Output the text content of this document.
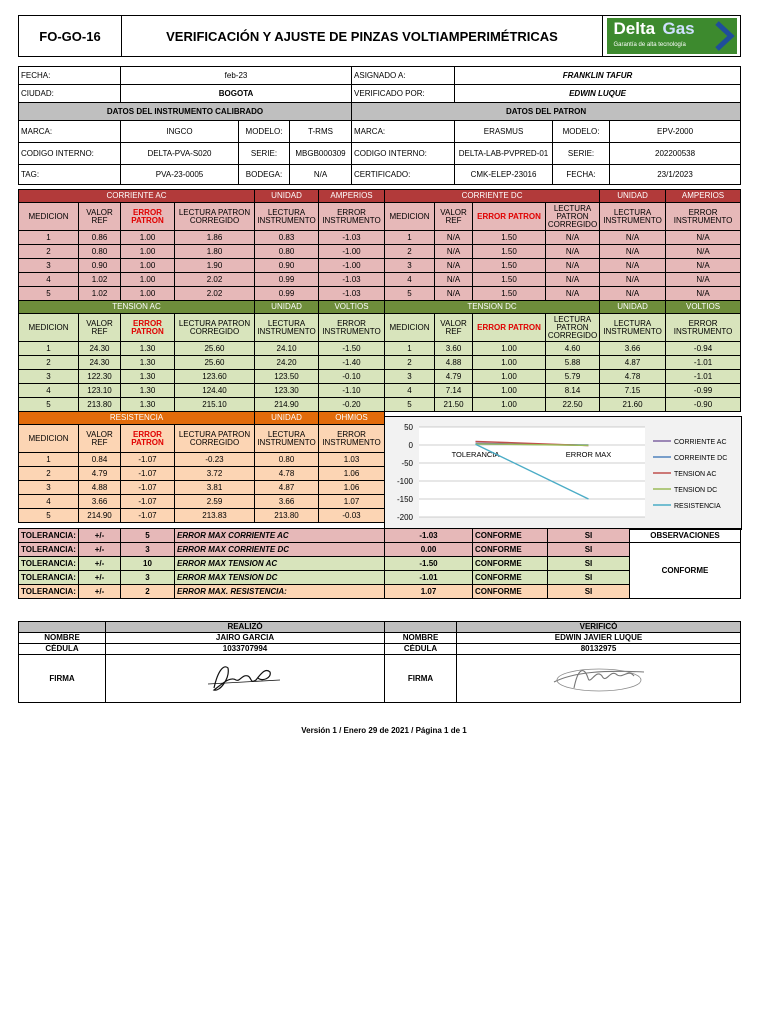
FO-GO-16	VERIFICACIÓN Y AJUSTE DE PINZAS VOLTIAMPERIMÉTRICAS	Delta Gas
Garantía de alta tecnología
FECHA:	feb-23			ASIGNADO A:	FRANKLIN TAFUR		
CIUDAD:	BOGOTA			VERIFICADO POR:	EDWIN LUQUE		
DATOS DEL INSTRUMENTO CALIBRADO				DATOS DEL PATRON			
MARCA:	INGCO	MODELO:	T-RMS	MARCA:	ERASMUS	MODELO:	EPV-2000
CODIGO INTERNO:	DELTA-PVA-S020	SERIE:	MBGB000309	CODIGO INTERNO:	DELTA-LAB-PVPRED-01	SERIE:	202200538
TAG:	PVA-23-0005	BODEGA:	N/A	CERTIFICADO:	CMK-ELEP-23016	FECHA:	23/1/2023
CORRIENTE AC				UNIDAD	AMPERIOS	CORRIENTE DC				UNIDAD	AMPERIOS
MEDICION	VALOR REF	ERROR PATRON	LECTURA PATRON CORREGIDO	LECTURA INSTRUMENTO	ERROR INSTRUMENTO	MEDICION	VALOR REF	ERROR PATRON	LECTURA PATRON CORREGIDO	LECTURA INSTRUMENTO	ERROR INSTRUMENTO
1	0.86	1.00	1.86	0.83	-1.03	1	N/A	1.50	N/A	N/A	N/A
2	0.80	1.00	1.80	0.80	-1.00	2	N/A	1.50	N/A	N/A	N/A
3	0.90	1.00	1.90	0.90	-1.00	3	N/A	1.50	N/A	N/A	N/A
4	1.02	1.00	2.02	0.99	-1.03	4	N/A	1.50	N/A	N/A	N/A
5	1.02	1.00	2.02	0.99	-1.03	5	N/A	1.50	N/A	N/A	N/A
TENSION AC				UNIDAD	VOLTIOS	TENSION DC				UNIDAD	VOLTIOS
MEDICION	VALOR REF	ERROR PATRON	LECTURA PATRON CORREGIDO	LECTURA INSTRUMENTO	ERROR INSTRUMENTO	MEDICION	VALOR REF	ERROR PATRON	LECTURA PATRON CORREGIDO	LECTURA INSTRUMENTO	ERROR INSTRUMENTO
1	24.30	1.30	25.60	24.10	-1.50	1	3.60	1.00	4.60	3.66	-0.94
2	24.30	1.30	25.60	24.20	-1.40	2	4.88	1.00	5.88	4.87	-1.01
3	122.30	1.30	123.60	123.50	-0.10	3	4.79	1.00	5.79	4.78	-1.01
4	123.10	1.30	124.40	123.30	-1.10	4	7.14	1.00	8.14	7.15	-0.99
5	213.80	1.30	215.10	214.90	-0.20	5	21.50	1.00	22.50	21.60	-0.90
RESISTENCIA				UNIDAD	OHMIOS						
MEDICION	VALOR REF	ERROR PATRON	LECTURA PATRON CORREGIDO	LECTURA INSTRUMENTO	ERROR INSTRUMENTO						
1	0.84	-1.07	-0.23	0.80	1.03						
2	4.79	-1.07	3.72	4.78	1.06						
3	4.88	-1.07	3.81	4.87	1.06						
4	3.66	-1.07	2.59	3.66	1.07						
5	214.90	-1.07	213.83	213.80	-0.03						
50
0
-50
-100
-150
-200
TOLERANCIA	ERROR MAX
CORRIENTE AC
CORREINTE DC
TENSION AC
TENSION DC
RESISTENCIA
TOLERANCIA:	+/-	5	ERROR MAX CORRIENTE AC	-1.03	CONFORME	SI	OBSERVACIONES
TOLERANCIA:	+/-	3	ERROR MAX CORRIENTE DC	0.00	CONFORME	SI	CONFORME
TOLERANCIA:	+/-	10	ERROR MAX TENSION AC	-1.50	CONFORME	SI	
TOLERANCIA:	+/-	3	ERROR MAX TENSION DC	-1.01	CONFORME	SI	
TOLERANCIA:	+/-	2	ERROR MAX. RESISTENCIA:	1.07	CONFORME	SI	
	REALIZÓ		VERIFICÓ
NOMBRE	JAIRO GARCIA	NOMBRE	EDWIN JAVIER LUQUE
CÉDULA	1033707994	CÉDULA	80132975
FIRMA		FIRMA	
Versión 1 / Enero 29 de 2021 / Página 1 de 1
